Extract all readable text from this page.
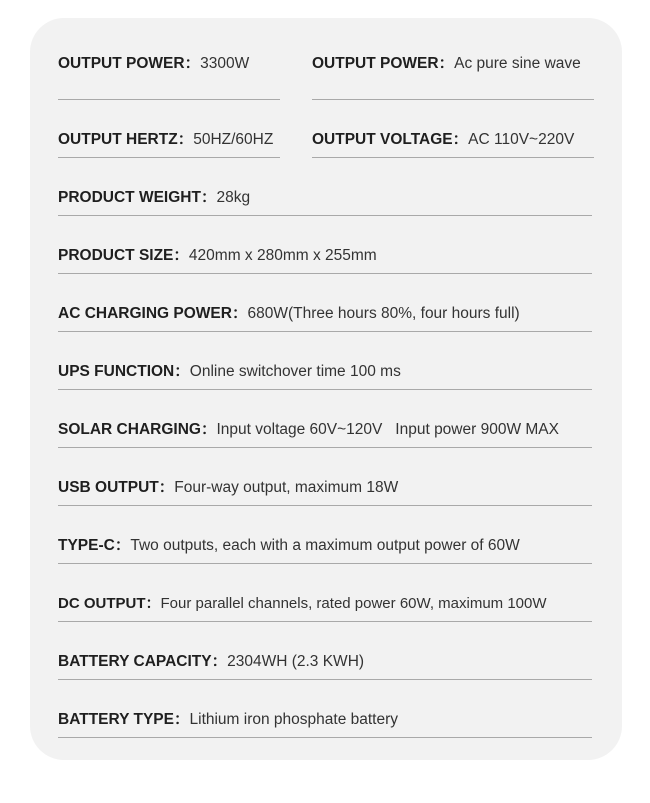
OUTPUT POWER：3300W	OUTPUT POWER：Ac pure sine wave
OUTPUT HERTZ：50HZ/60HZ OUTPUT VOLTAGE：AC 110V~220V
PRODUCT WEIGHT：28kg
PRODUCT SIZE：420mm x 280mm x 255mm
AC CHARGING POWER：680W(Three hours 80%, four hours full)
UPS FUNCTION：Online switchover time 100 ms
SOLAR CHARGING：Input voltage 60V~120V   Input power 900W MAX
USB OUTPUT：Four-way output, maximum 18W
TYPE-C：Two outputs, each with a maximum output power of 60W
DC OUTPUT：Four parallel channels, rated power 60W, maximum 100W
BATTERY CAPACITY：2304WH (2.3 KWH)
BATTERY TYPE：Lithium iron phosphate battery
